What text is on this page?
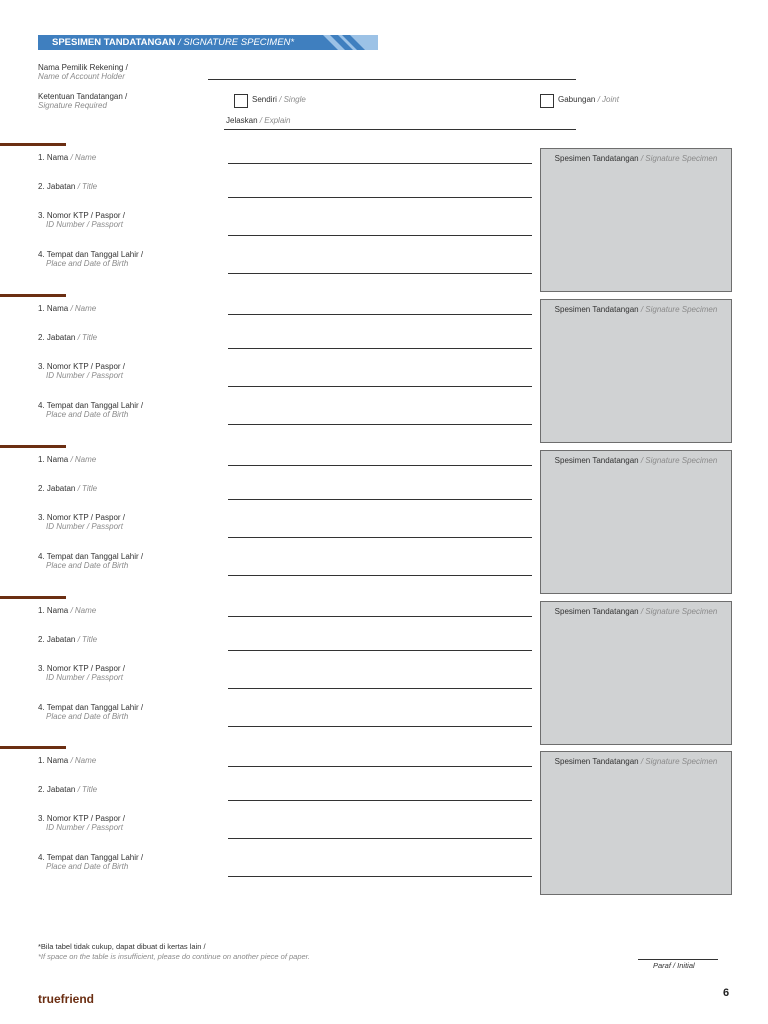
SPESIMEN TANDATANGAN / SIGNATURE SPECIMEN*
Nama Pemilik Rekening /
Name of Account Holder
Ketentuan Tandatangan /
Signature Required
Sendiri / Single	Gabungan / Joint
Jelaskan / Explain
1. Nama / Name
2. Jabatan / Title
3. Nomor KTP / Paspor /
ID Number / Passport
4. Tempat dan Tanggal Lahir /
Place and Date of Birth
Spesimen Tandatangan / Signature Specimen
1. Nama / Name
2. Jabatan / Title
3. Nomor KTP / Paspor /
ID Number / Passport
4. Tempat dan Tanggal Lahir /
Place and Date of Birth
Spesimen Tandatangan / Signature Specimen
1. Nama / Name
2. Jabatan / Title
3. Nomor KTP / Paspor /
ID Number / Passport
4. Tempat dan Tanggal Lahir /
Place and Date of Birth
Spesimen Tandatangan / Signature Specimen
1. Nama / Name
2. Jabatan / Title
3. Nomor KTP / Paspor /
ID Number / Passport
4. Tempat dan Tanggal Lahir /
Place and Date of Birth
Spesimen Tandatangan / Signature Specimen
1. Nama / Name
2. Jabatan / Title
3. Nomor KTP / Paspor /
ID Number / Passport
4. Tempat dan Tanggal Lahir /
Place and Date of Birth
Spesimen Tandatangan / Signature Specimen
*Bila tabel tidak cukup, dapat dibuat di kertas lain /
*If space on the table is insufficient, please do continue on another piece of paper.
Paraf / Initial
truefriend	6
